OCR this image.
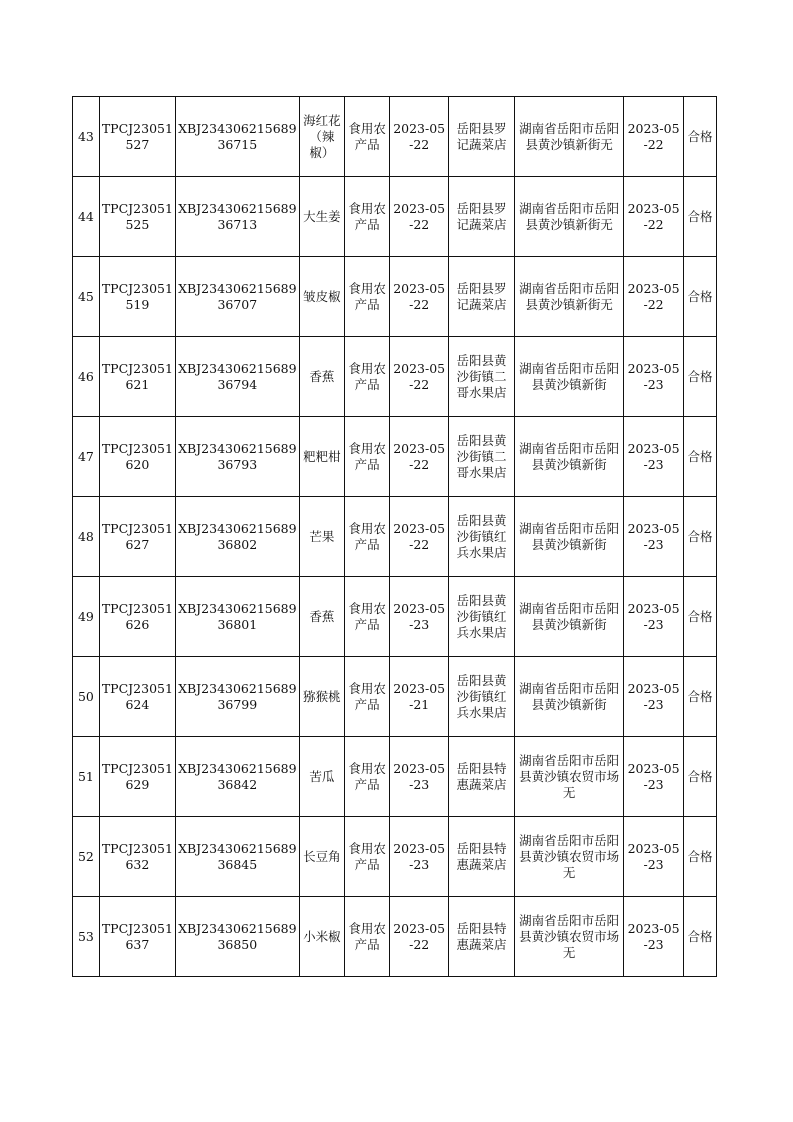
43	TPCJ23051527	XBJ23430621568936715	海红花（辣椒）	食用农产品	2023-05-22	岳阳县罗记蔬菜店	湖南省岳阳市岳阳县黄沙镇新街无	2023-05-22	合格
44	TPCJ23051525	XBJ23430621568936713	大生姜	食用农产品	2023-05-22	岳阳县罗记蔬菜店	湖南省岳阳市岳阳县黄沙镇新街无	2023-05-22	合格
45	TPCJ23051519	XBJ23430621568936707	皱皮椒	食用农产品	2023-05-22	岳阳县罗记蔬菜店	湖南省岳阳市岳阳县黄沙镇新街无	2023-05-22	合格
46	TPCJ23051621	XBJ23430621568936794	香蕉	食用农产品	2023-05-22	岳阳县黄沙街镇二哥水果店	湖南省岳阳市岳阳县黄沙镇新街	2023-05-23	合格
47	TPCJ23051620	XBJ23430621568936793	粑粑柑	食用农产品	2023-05-22	岳阳县黄沙街镇二哥水果店	湖南省岳阳市岳阳县黄沙镇新街	2023-05-23	合格
48	TPCJ23051627	XBJ23430621568936802	芒果	食用农产品	2023-05-22	岳阳县黄沙街镇红兵水果店	湖南省岳阳市岳阳县黄沙镇新街	2023-05-23	合格
49	TPCJ23051626	XBJ23430621568936801	香蕉	食用农产品	2023-05-23	岳阳县黄沙街镇红兵水果店	湖南省岳阳市岳阳县黄沙镇新街	2023-05-23	合格
50	TPCJ23051624	XBJ23430621568936799	猕猴桃	食用农产品	2023-05-21	岳阳县黄沙街镇红兵水果店	湖南省岳阳市岳阳县黄沙镇新街	2023-05-23	合格
51	TPCJ23051629	XBJ23430621568936842	苦瓜	食用农产品	2023-05-23	岳阳县特惠蔬菜店	湖南省岳阳市岳阳县黄沙镇农贸市场无	2023-05-23	合格
52	TPCJ23051632	XBJ23430621568936845	长豆角	食用农产品	2023-05-23	岳阳县特惠蔬菜店	湖南省岳阳市岳阳县黄沙镇农贸市场无	2023-05-23	合格
53	TPCJ23051637	XBJ23430621568936850	小米椒	食用农产品	2023-05-22	岳阳县特惠蔬菜店	湖南省岳阳市岳阳县黄沙镇农贸市场无	2023-05-23	合格
